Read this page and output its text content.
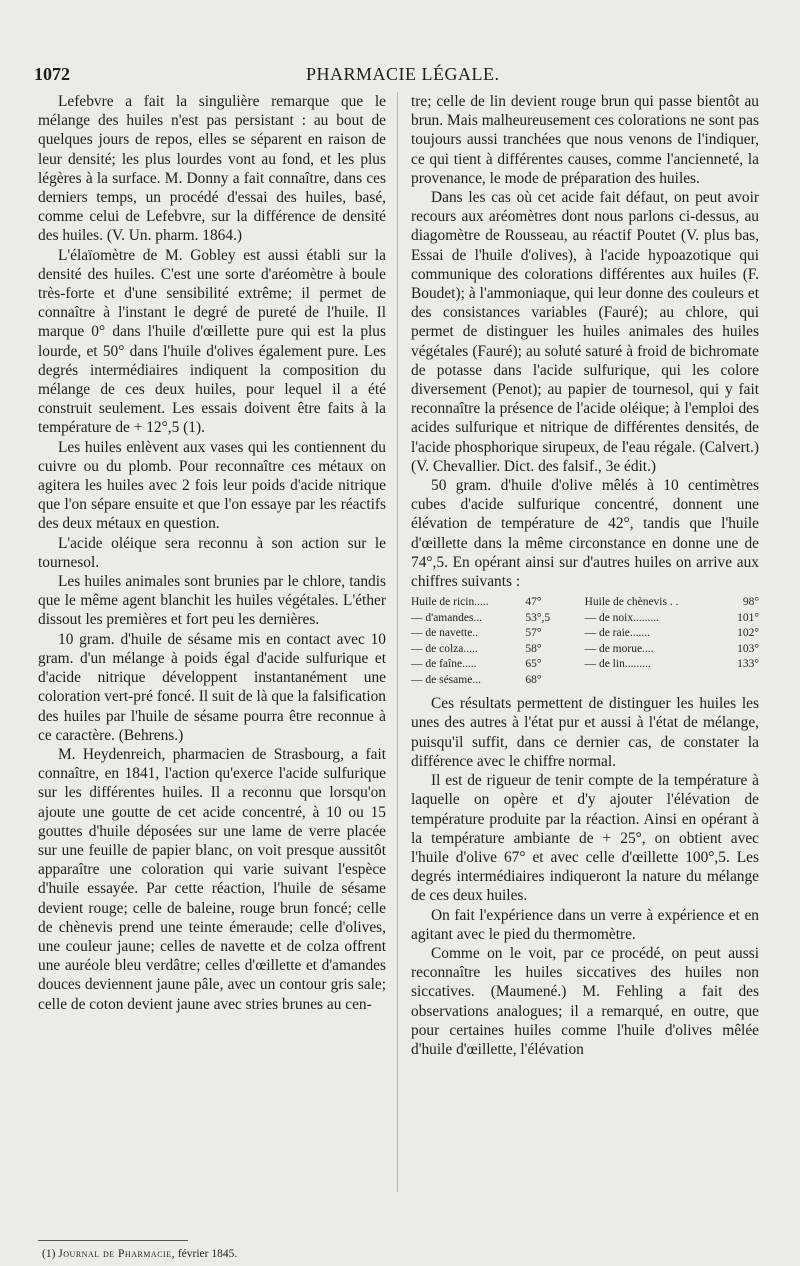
1072	PHARMACIE LÉGALE.

Lefebvre a fait la singulière remarque que le mélange des huiles n'est pas persistant : au bout de quelques jours de repos, elles se séparent en raison de leur densité; les plus lourdes vont au fond, et les plus légères à la surface. M. Donny a fait connaître, dans ces derniers temps, un procédé d'essai des huiles, basé, comme celui de Lefebvre, sur la différence de densité des huiles. (V. Un. pharm. 1864.)

L'élaïomètre de M. Gobley est aussi établi sur la densité des huiles. C'est une sorte d'aréomètre à boule très-forte et d'une sensibilité extrême; il permet de connaître à l'instant le degré de pureté de l'huile. Il marque 0° dans l'huile d'œillette pure qui est la plus lourde, et 50° dans l'huile d'olives également pure. Les degrés intermédiaires indiquent la composition du mélange de ces deux huiles, pour lequel il a été construit seulement. Les essais doivent être faits à la température de + 12°,5 (1).

Les huiles enlèvent aux vases qui les contiennent du cuivre ou du plomb. Pour reconnaître ces métaux on agitera les huiles avec 2 fois leur poids d'acide nitrique que l'on sépare ensuite et que l'on essaye par les réactifs des deux métaux en question.

L'acide oléique sera reconnu à son action sur le tournesol.

Les huiles animales sont brunies par le chlore, tandis que le même agent blanchit les huiles végétales. L'éther dissout les premières et fort peu les dernières.

10 gram. d'huile de sésame mis en contact avec 10 gram. d'un mélange à poids égal d'acide sulfurique et d'acide nitrique développent instantanément une coloration vert-pré foncé. Il suit de là que la falsification des huiles par l'huile de sésame pourra être reconnue à ce caractère. (Behrens.)

M. Heydenreich, pharmacien de Strasbourg, a fait connaître, en 1841, l'action qu'exerce l'acide sulfurique sur les différentes huiles. Il a reconnu que lorsqu'on ajoute une goutte de cet acide concentré, à 10 ou 15 gouttes d'huile déposées sur une lame de verre placée sur une feuille de papier blanc, on voit presque aussitôt apparaître une coloration qui varie suivant l'espèce d'huile essayée. Par cette réaction, l'huile de sésame devient rouge; celle de baleine, rouge brun foncé; celle de chènevis prend une teinte émeraude; celle d'olives, une couleur jaune; celles de navette et de colza offrent une auréole bleu verdâtre; celles d'œillette et d'amandes douces deviennent jaune pâle, avec un contour gris sale; celle de coton devient jaune avec stries brunes au cen-

tre; celle de lin devient rouge brun qui passe bientôt au brun. Mais malheureusement ces colorations ne sont pas toujours aussi tranchées que nous venons de l'indiquer, ce qui tient à différentes causes, comme l'ancienneté, la provenance, le mode de préparation des huiles.

Dans les cas où cet acide fait défaut, on peut avoir recours aux aréomètres dont nous parlons ci-dessus, au diagomètre de Rousseau, au réactif Poutet (V. plus bas, Essai de l'huile d'olives), à l'acide hypoazotique qui communique des colorations différentes aux huiles (F. Boudet); à l'ammoniaque, qui leur donne des couleurs et des consistances variables (Fauré); au chlore, qui permet de distinguer les huiles animales des huiles végétales (Fauré); au soluté saturé à froid de bichromate de potasse dans l'acide sulfurique, qui les colore diversement (Penot); au papier de tournesol, qui y fait reconnaître la présence de l'acide oléique; à l'emploi des acides sulfurique et nitrique de différentes densités, de l'acide phosphorique sirupeux, de l'eau régale. (Calvert.) (V. Chevallier. Dict. des falsif., 3e édit.)

50 gram. d'huile d'olive mêlés à 10 centimètres cubes d'acide sulfurique concentré, donnent une élévation de température de 42°, tandis que l'huile d'œillette dans la même circonstance en donne une de 74°,5. En opérant ainsi sur d'autres huiles on arrive aux chiffres suivants :

Huile de ricin.....	47°	Huile de chènevis . .	98°
— d'amandes...	53°,5	— de noix.........	101°
— de navette..	57°	— de raie.......	102°
— de colza.....	58°	— de morue....	103°
— de faîne.....	65°	— de lin.........	133°
— de sésame...	68°		

Ces résultats permettent de distinguer les huiles les unes des autres à l'état pur et aussi à l'état de mélange, puisqu'il suffit, dans ce dernier cas, de constater la différence avec le chiffre normal.

Il est de rigueur de tenir compte de la température à laquelle on opère et d'y ajouter l'élévation de température produite par la réaction. Ainsi en opérant à la température ambiante de + 25°, on obtient avec l'huile d'olive 67° et avec celle d'œillette 100°,5. Les degrés intermédiaires indiqueront la nature du mélange de ces deux huiles.

On fait l'expérience dans un verre à expérience et en agitant avec le pied du thermomètre.

Comme on le voit, par ce procédé, on peut aussi reconnaître les huiles siccatives des huiles non siccatives. (Maumené.) M. Fehling a fait des observations analogues; il a remarqué, en outre, que pour certaines huiles comme l'huile d'olives mêlée d'huile d'œillette, l'élévation

(1) Journal de Pharmacie, février 1845.
